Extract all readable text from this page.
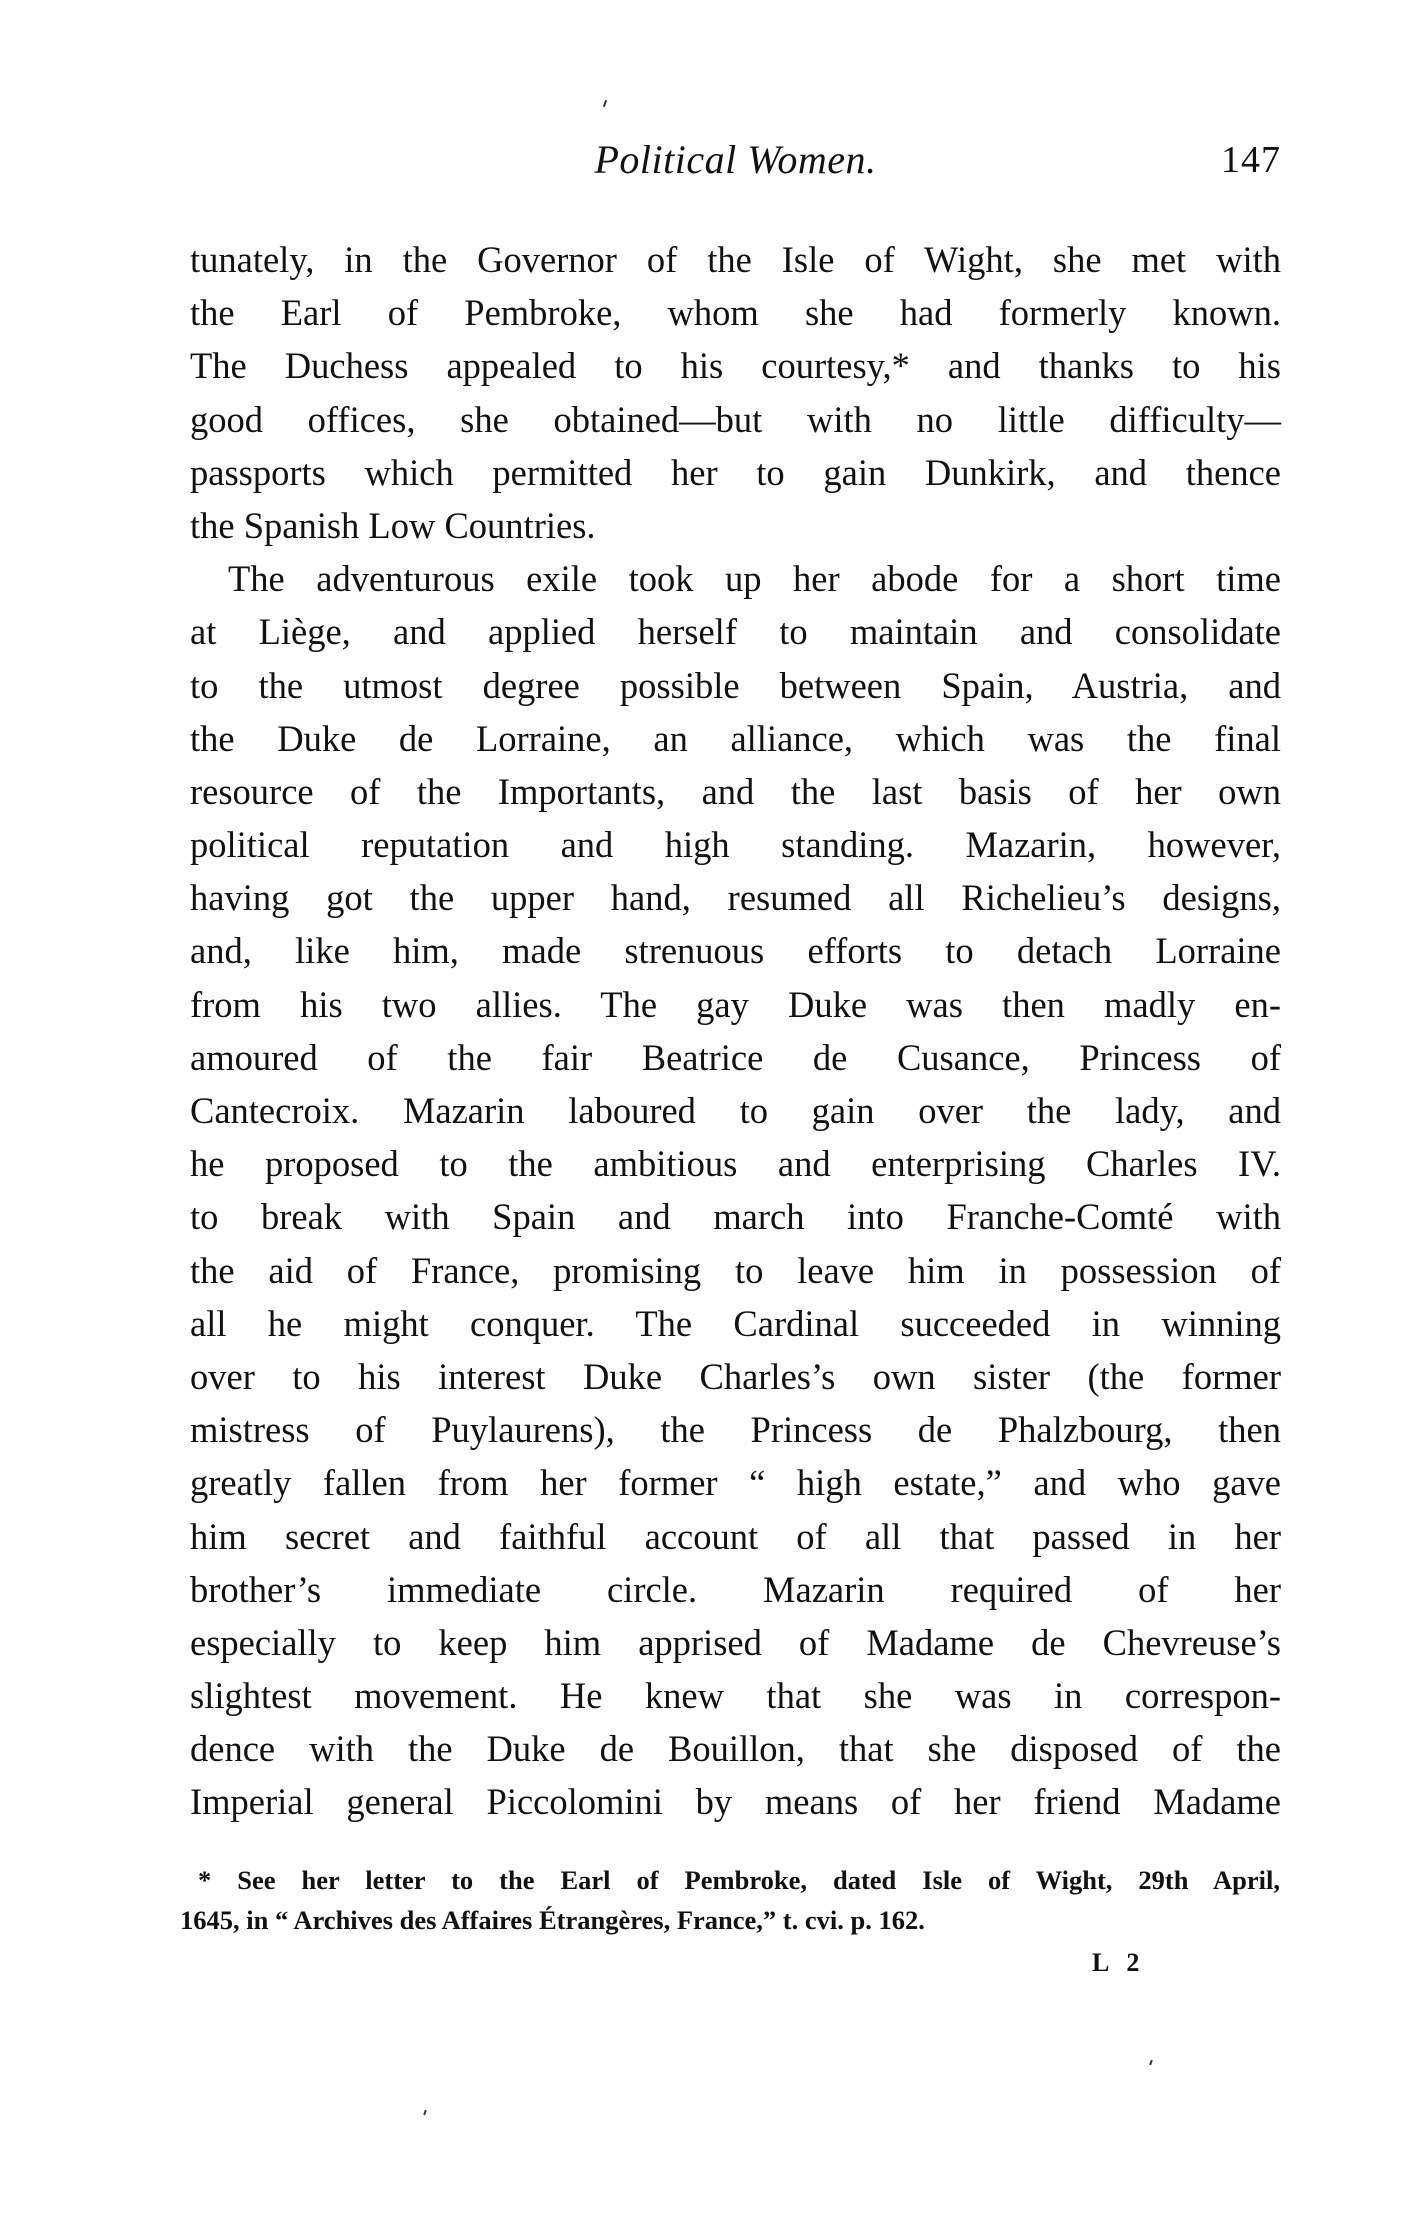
Political Women.	147
tunately, in the Governor of the Isle of Wight, she met with
the Earl of Pembroke, whom she had formerly known.
The Duchess appealed to his courtesy,* and thanks to his
good offices, she obtained—but with no little difficulty—
passports which permitted her to gain Dunkirk, and thence
the Spanish Low Countries.
The adventurous exile took up her abode for a short time
at Liège, and applied herself to maintain and consolidate
to the utmost degree possible between Spain, Austria, and
the Duke de Lorraine, an alliance, which was the final
resource of the Importants, and the last basis of her own
political reputation and high standing. Mazarin, however,
having got the upper hand, resumed all Richelieu’s designs,
and, like him, made strenuous efforts to detach Lorraine
from his two allies. The gay Duke was then madly en-
amoured of the fair Beatrice de Cusance, Princess of
Cantecroix. Mazarin laboured to gain over the lady, and
he proposed to the ambitious and enterprising Charles IV.
to break with Spain and march into Franche-Comté with
the aid of France, promising to leave him in possession of
all he might conquer. The Cardinal succeeded in winning
over to his interest Duke Charles’s own sister (the former
mistress of Puylaurens), the Princess de Phalzbourg, then
greatly fallen from her former “ high estate,” and who gave
him secret and faithful account of all that passed in her
brother’s immediate circle. Mazarin required of her
especially to keep him apprised of Madame de Chevreuse’s
slightest movement. He knew that she was in correspon-
dence with the Duke de Bouillon, that she disposed of the
Imperial general Piccolomini by means of her friend Madame
* See her letter to the Earl of Pembroke, dated Isle of Wight, 29th April,
1645, in “ Archives des Affaires Étrangères, France,” t. cvi. p. 162.
L 2
